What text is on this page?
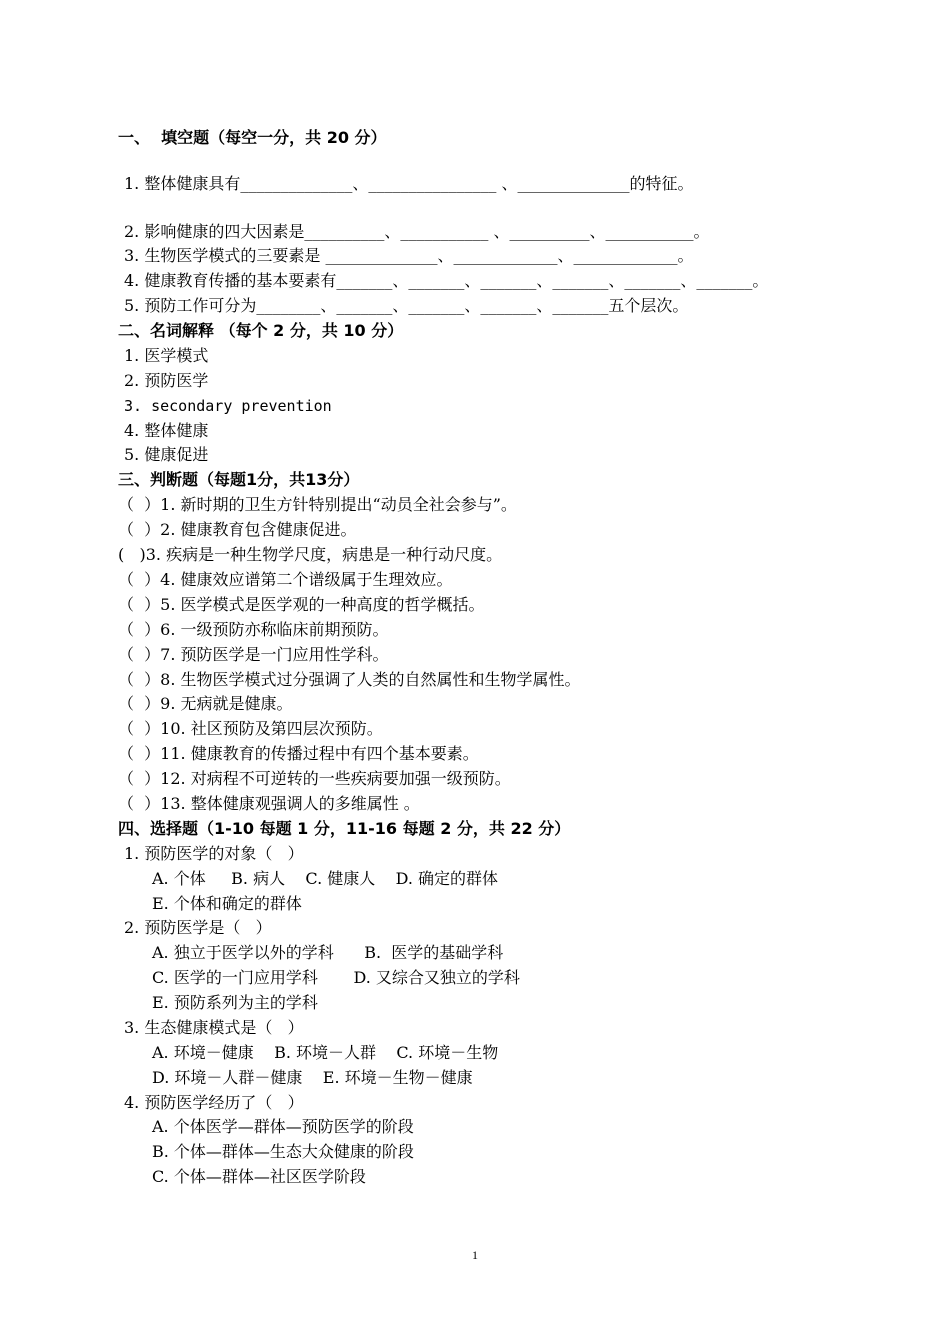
一、  填空题（每空一分，共 20 分）
1. 整体健康具有______________、________________ 、______________的特征。
2. 影响健康的四大因素是__________、___________ 、__________、___________。
3. 生物医学模式的三要素是 ______________、_____________、_____________。
4. 健康教育传播的基本要素有_______、_______、_______、_______、_______、_______。
5. 预防工作可分为________、_______、_______、_______、_______五个层次。
二、名词解释 （每个 2 分，共 10 分）
1. 医学模式
2. 预防医学
3. secondary prevention
4. 整体健康
5. 健康促进
三、判断题（每题1分，共13分）
（  ）1. 新时期的卫生方针特别提出“动员全社会参与”。
（  ）2. 健康教育包含健康促进。
(   )3. 疾病是一种生物学尺度，病患是一种行动尺度。
（  ）4. 健康效应谱第二个谱级属于生理效应。
（  ）5. 医学模式是医学观的一种高度的哲学概括。
（  ）6. 一级预防亦称临床前期预防。
（  ）7. 预防医学是一门应用性学科。
（  ）8. 生物医学模式过分强调了人类的自然属性和生物学属性。
（  ）9. 无病就是健康。
（  ）10. 社区预防及第四层次预防。
（  ）11. 健康教育的传播过程中有四个基本要素。
（  ）12. 对病程不可逆转的一些疾病要加强一级预防。
（  ）13. 整体健康观强调人的多维属性 。
四、选择题（1-10 每题 1 分，11-16 每题 2 分，共 22 分）
1. 预防医学的对象（   ）
A. 个体     B. 病人    C. 健康人    D. 确定的群体
E. 个体和确定的群体
2. 预防医学是（   ）
A. 独立于医学以外的学科      B.  医学的基础学科
C. 医学的一门应用学科       D. 又综合又独立的学科
E. 预防系列为主的学科
3. 生态健康模式是（   ）
A. 环境－健康    B. 环境－人群    C. 环境－生物
D. 环境－人群－健康    E. 环境－生物－健康
4. 预防医学经历了（   ）
A. 个体医学—群体—预防医学的阶段
B. 个体—群体—生态大众健康的阶段
C. 个体—群体—社区医学阶段
1
